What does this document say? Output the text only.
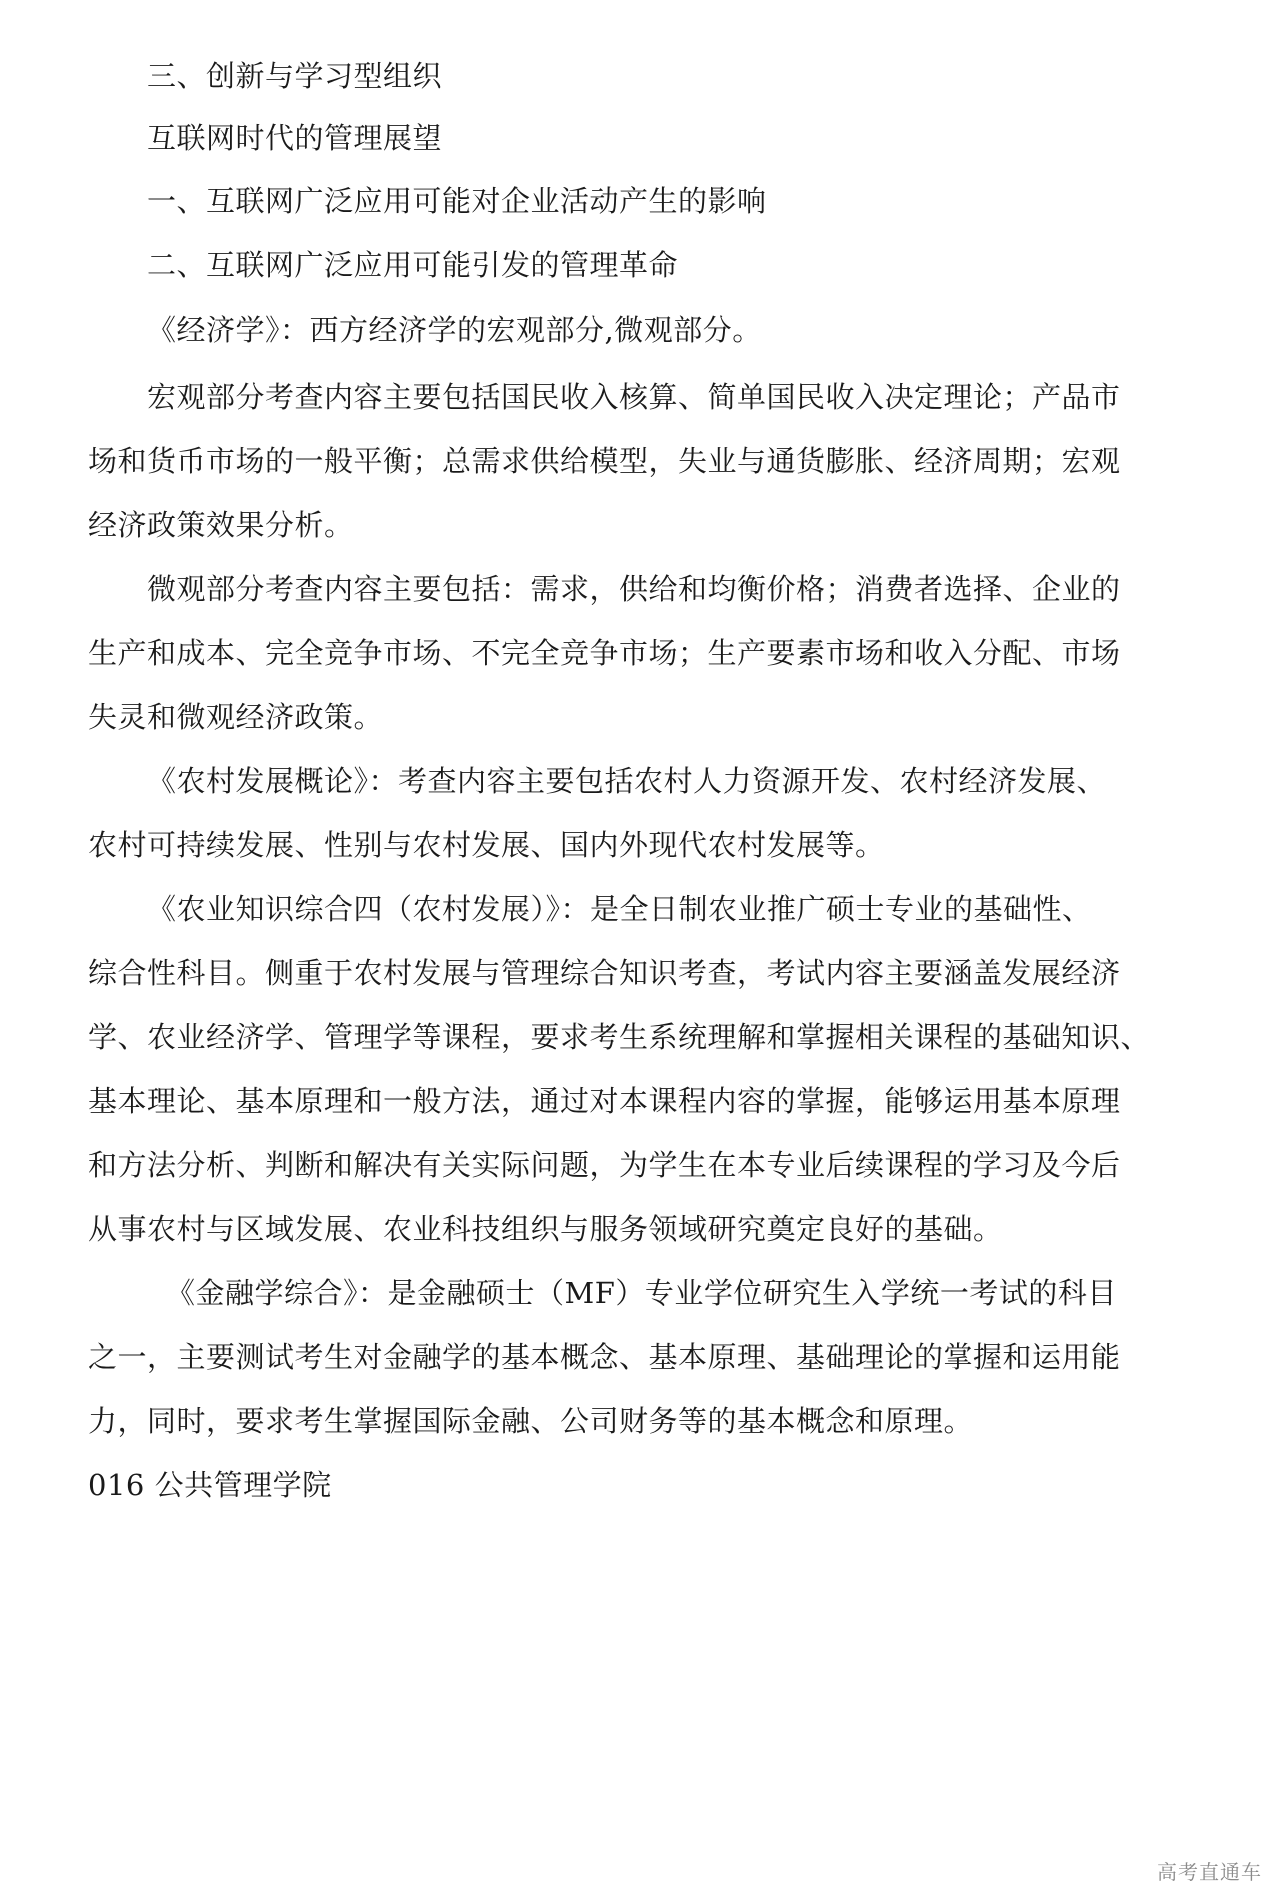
三、创新与学习型组织
互联网时代的管理展望
一、互联网广泛应用可能对企业活动产生的影响
二、互联网广泛应用可能引发的管理革命
《经济学》：西方经济学的宏观部分,微观部分。
宏观部分考查内容主要包括国民收入核算、简单国民收入决定理论；产品市
场和货币市场的一般平衡；总需求供给模型，失业与通货膨胀、经济周期；宏观
经济政策效果分析。
微观部分考查内容主要包括：需求，供给和均衡价格；消费者选择、企业的
生产和成本、完全竞争市场、不完全竞争市场；生产要素市场和收入分配、市场
失灵和微观经济政策。
《农村发展概论》：考查内容主要包括农村人力资源开发、农村经济发展、
农村可持续发展、性别与农村发展、国内外现代农村发展等。
《农业知识综合四（农村发展）》：是全日制农业推广硕士专业的基础性、
综合性科目。侧重于农村发展与管理综合知识考查，考试内容主要涵盖发展经济
学、农业经济学、管理学等课程，要求考生系统理解和掌握相关课程的基础知识、
基本理论、基本原理和一般方法，通过对本课程内容的掌握，能够运用基本原理
和方法分析、判断和解决有关实际问题，为学生在本专业后续课程的学习及今后
从事农村与区域发展、农业科技组织与服务领域研究奠定良好的基础。
《金融学综合》：是金融硕士（MF）专业学位研究生入学统一考试的科目
之一，主要测试考生对金融学的基本概念、基本原理、基础理论的掌握和运用能
力，同时，要求考生掌握国际金融、公司财务等的基本概念和原理。
016 公共管理学院
高考直通车
